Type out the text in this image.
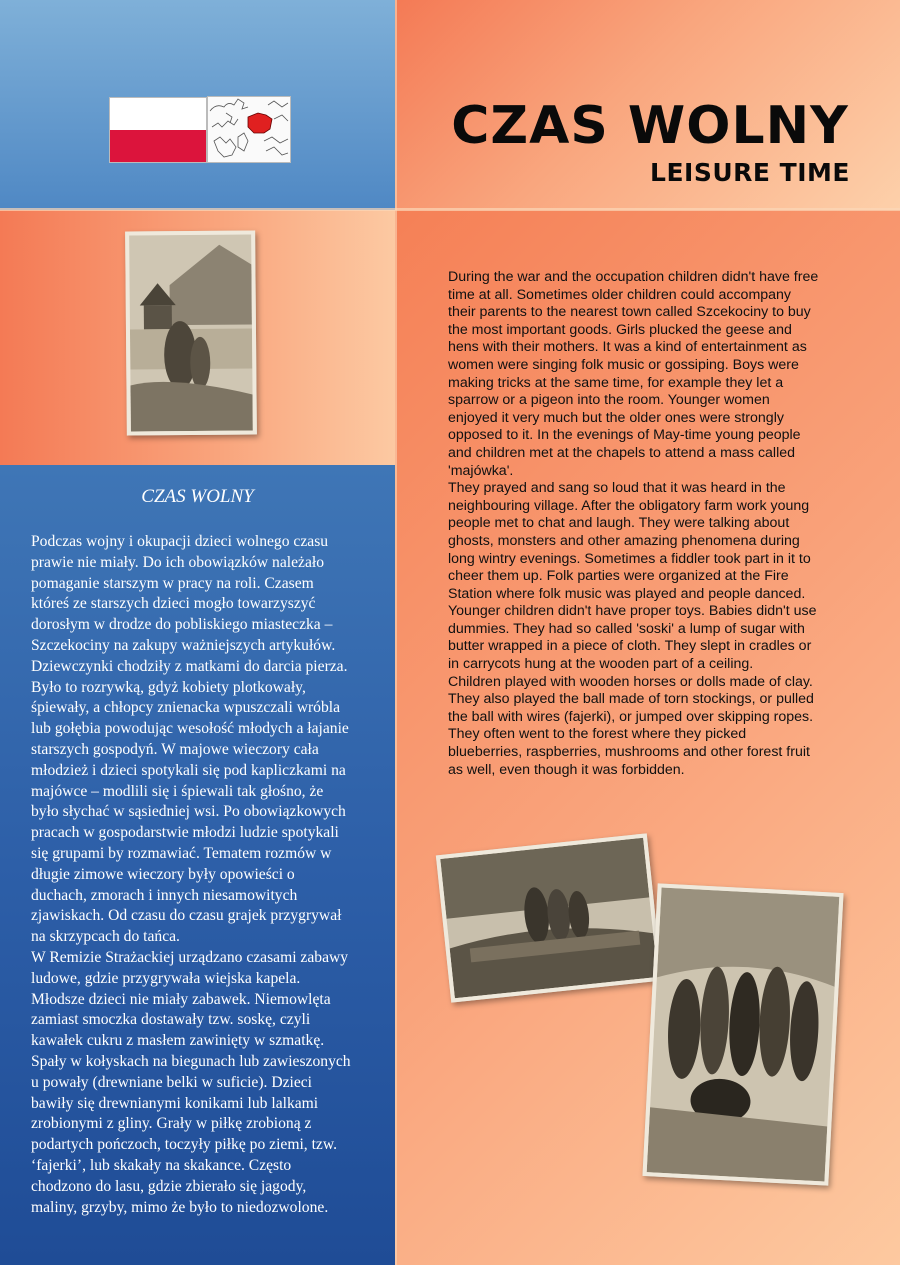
CZAS WOLNY
LEISURE TIME
CZAS WOLNY
Podczas wojny i okupacji dzieci wolnego czasu
prawie nie miały. Do ich obowiązków należało
pomaganie starszym w pracy na roli. Czasem
któreś ze starszych dzieci mogło towarzyszyć
dorosłym w drodze do pobliskiego miasteczka –
Szczekociny na zakupy ważniejszych artykułów.
Dziewczynki chodziły z matkami do darcia pierza.
Było to rozrywką, gdyż kobiety plotkowały,
śpiewały, a chłopcy znienacka wpuszczali wróbla
lub gołębia powodując wesołość młodych a łajanie
starszych gospodyń. W majowe wieczory cała
młodzież i dzieci spotykali się pod kapliczkami na
majówce – modlili się i śpiewali tak głośno, że
było słychać w sąsiedniej wsi. Po obowiązkowych
pracach w gospodarstwie młodzi ludzie spotykali
się grupami by rozmawiać. Tematem rozmów w
długie zimowe wieczory były opowieści o
duchach, zmorach i innych niesamowitych
zjawiskach. Od czasu do czasu grajek przygrywał
na skrzypcach do tańca.
W Remizie Strażackiej urządzano czasami zabawy
ludowe, gdzie przygrywała wiejska kapela.
Młodsze dzieci nie miały zabawek. Niemowlęta
zamiast smoczka dostawały tzw. soskę, czyli
kawałek cukru z masłem zawinięty w szmatkę.
Spały w kołyskach na biegunach lub zawieszonych
u powały (drewniane belki w suficie). Dzieci
bawiły się drewnianymi konikami lub lalkami
zrobionymi z gliny. Grały w piłkę zrobioną z
podartych pończoch, toczyły piłkę po ziemi, tzw.
‘fajerki’, lub skakały na skakance. Często
chodzono do lasu, gdzie zbierało się jagody,
maliny, grzyby, mimo że było to niedozwolone.
During the war and the occupation children didn't have free
time at all. Sometimes older children could accompany
their parents to the nearest town called Szcekociny to buy
the most important goods. Girls plucked the geese and
hens with their mothers. It was a kind of entertainment as
women were singing folk music or gossiping. Boys were
making tricks at the same time, for example they let a
sparrow or a pigeon into the room. Younger women
enjoyed it very much but the older ones were strongly
opposed to it. In the evenings of May-time young people
and children met at the chapels to attend a mass called
'majówka'.
They prayed and sang so loud that it was heard in the
neighbouring village. After the obligatory farm work young
people met to chat and laugh. They were talking about
ghosts, monsters and other amazing phenomena during
long wintry evenings. Sometimes a fiddler took part in it to
cheer them up. Folk parties were organized at the Fire
Station where folk music was played and people danced.
Younger children didn't have proper toys. Babies didn't use
dummies. They had so called 'soski' a lump of sugar with
butter wrapped in a piece of cloth. They slept in cradles or
in carrycots hung at the wooden part of a ceiling.
Children played with wooden horses or dolls made of clay.
They also played the ball made of torn stockings, or pulled
the ball with wires (fajerki), or jumped over skipping ropes.
They often went to the forest where they picked
blueberries, raspberries, mushrooms and other forest fruit
as well, even though it was forbidden.
